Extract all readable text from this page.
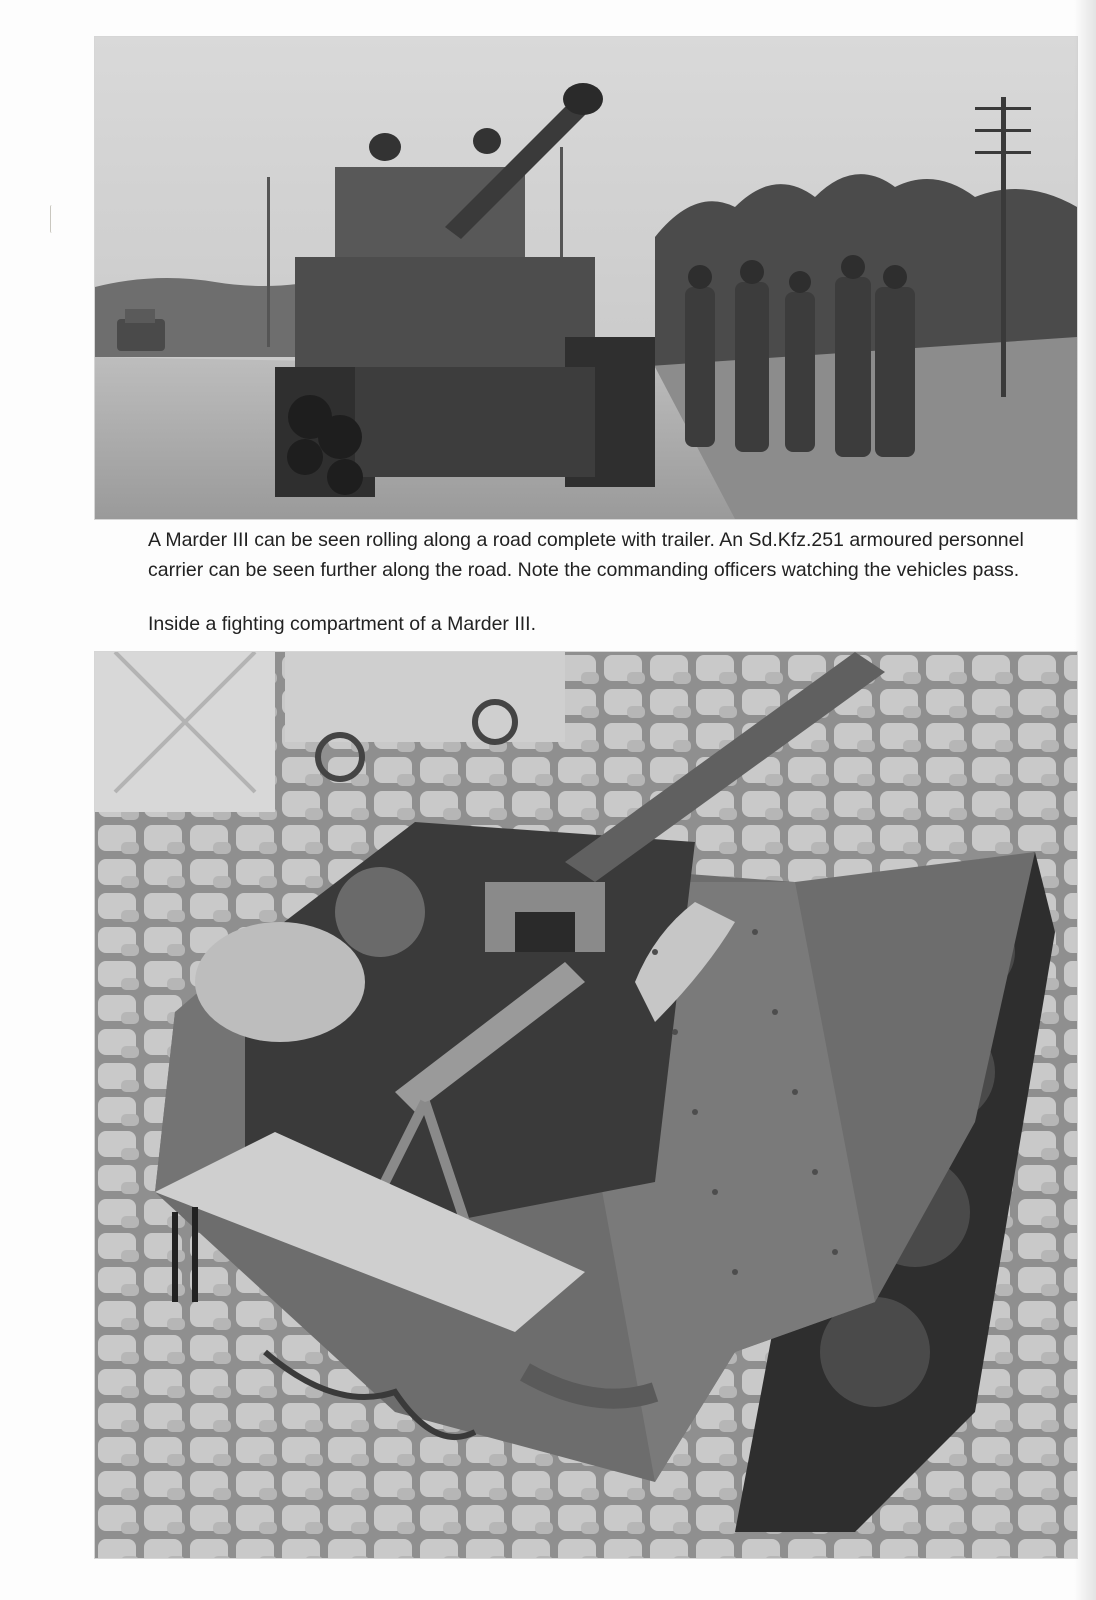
A Marder III can be seen rolling along a road complete with trailer. An Sd.Kfz.251 armoured personnel
carrier can be seen further along the road. Note the commanding officers watching the vehicles pass.
Inside a fighting compartment of a Marder III.
